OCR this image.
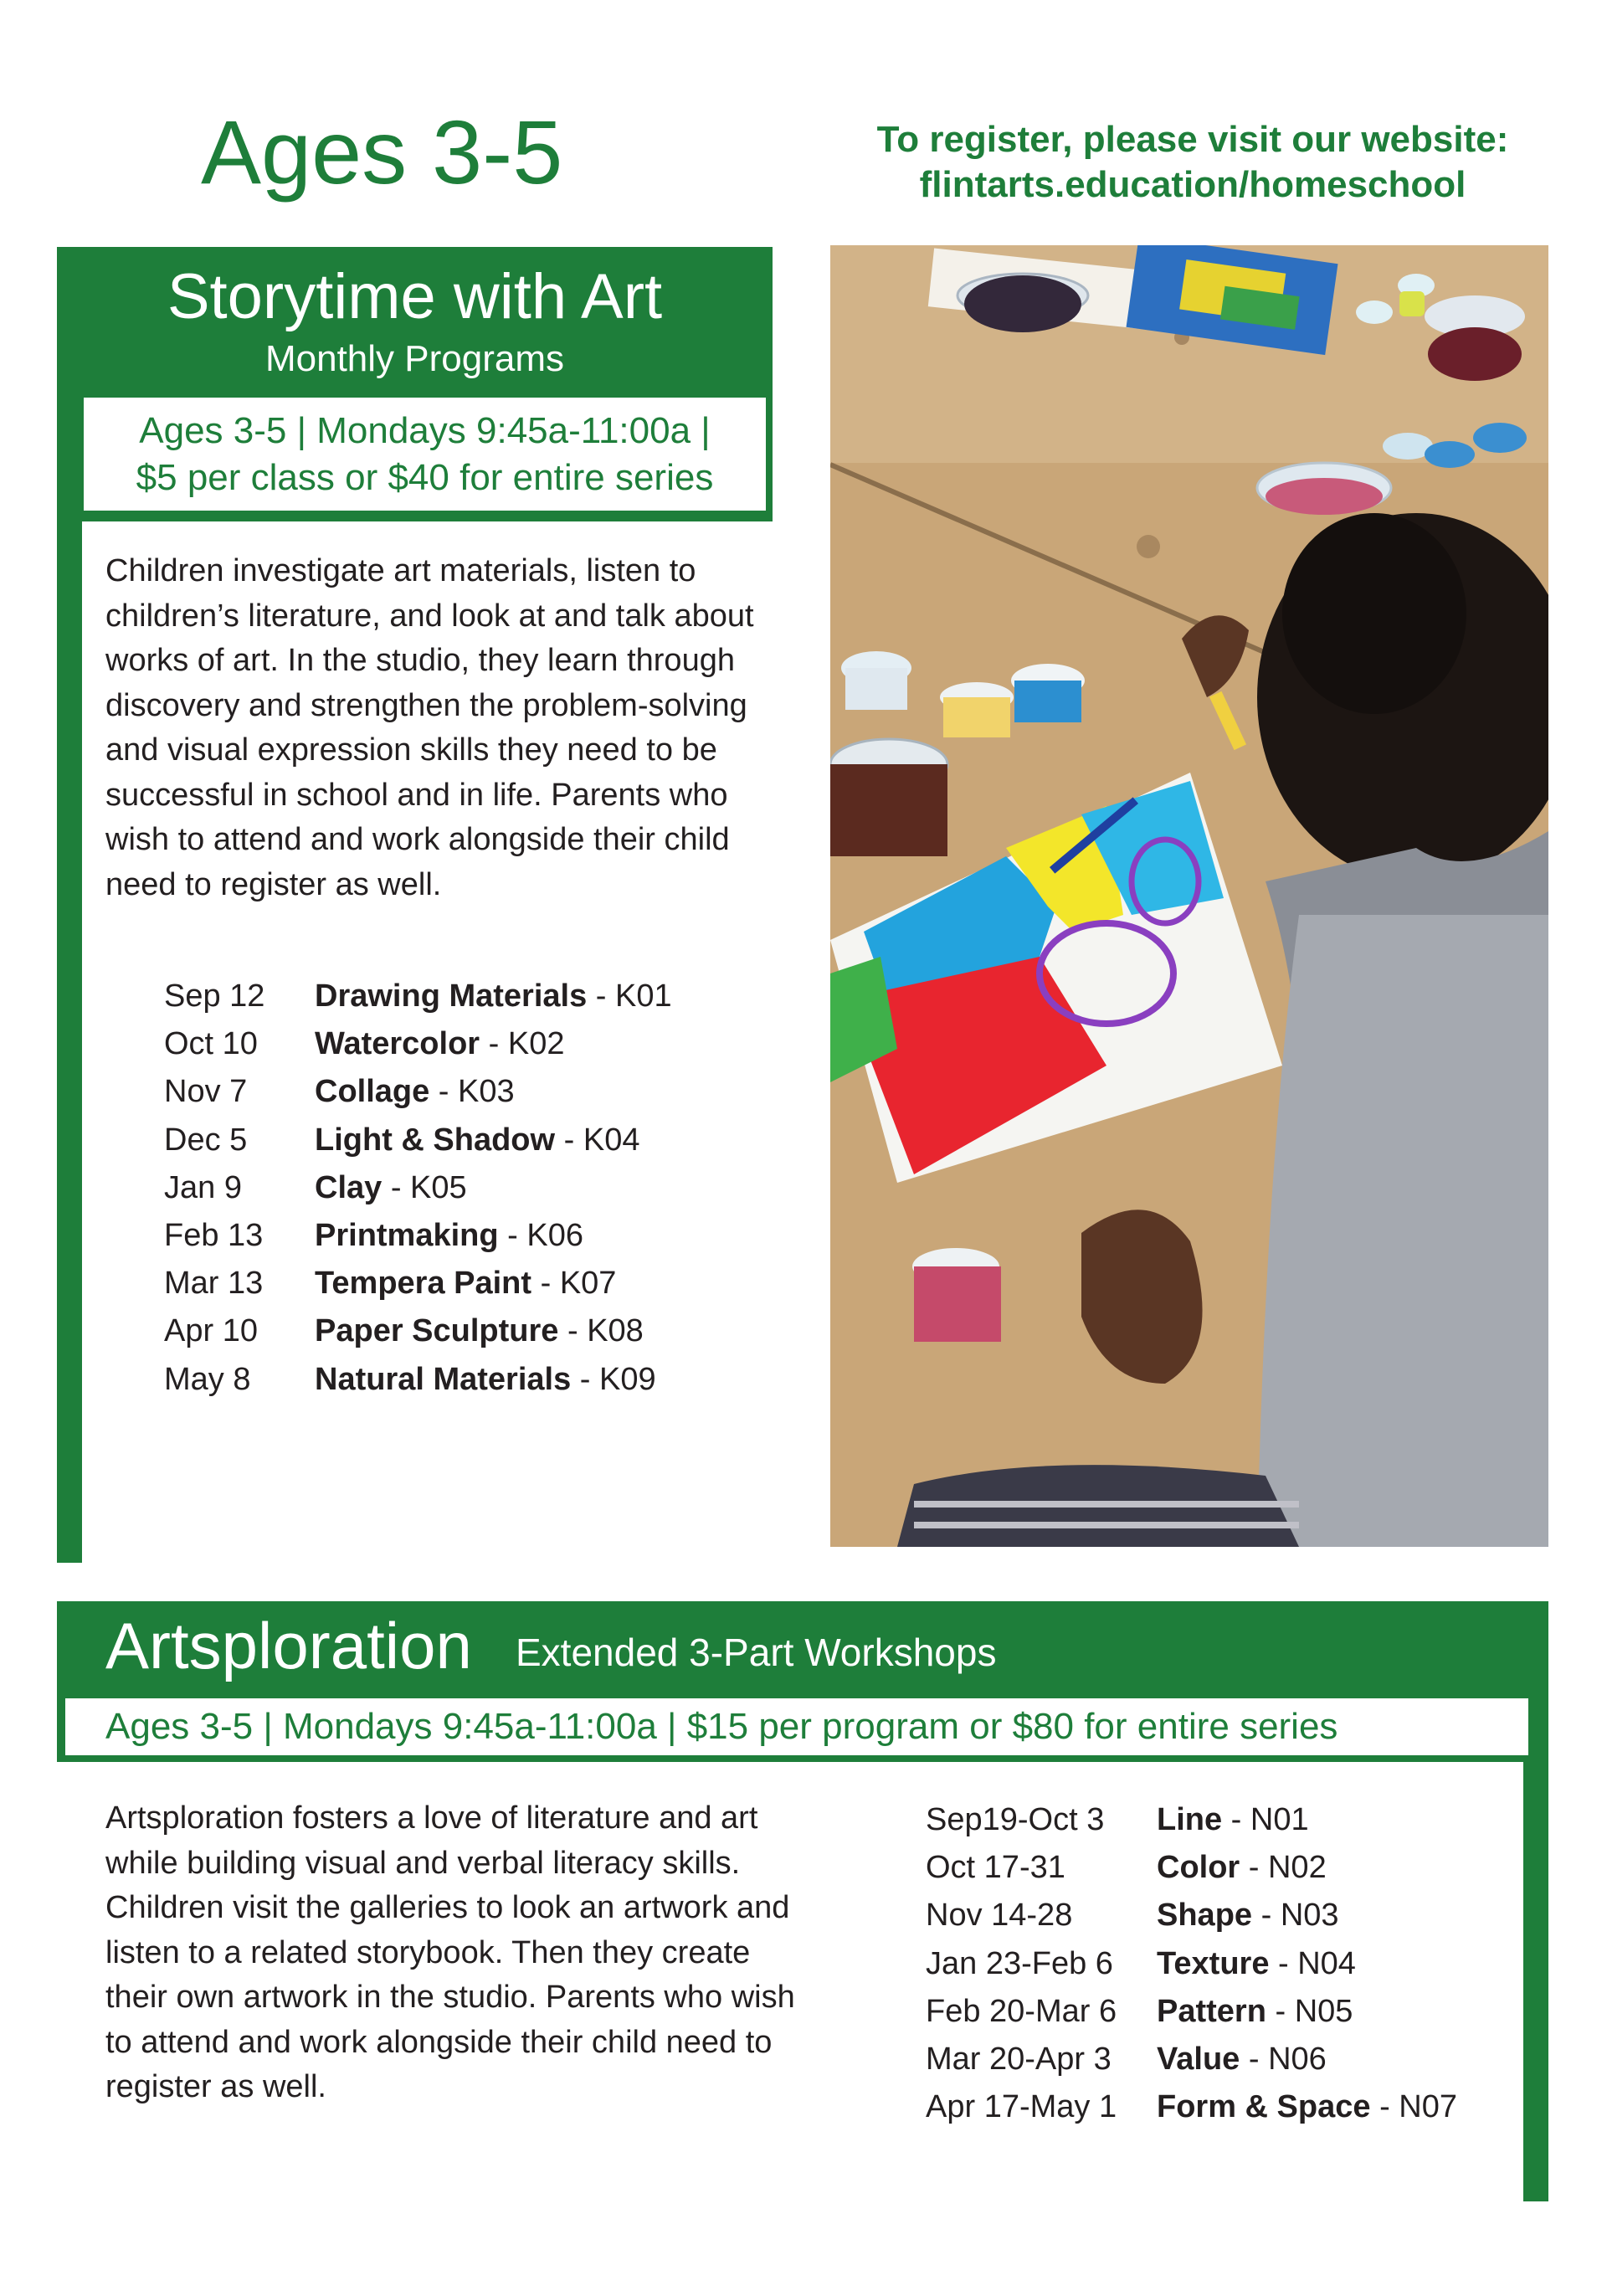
Ages 3-5	To register, please visit our website:
flintarts.education/homeschool
Storytime with Art
Monthly Programs
Ages 3-5 | Mondays 9:45a-11:00a |
$5 per class or $40 for entire series
Children investigate art materials, listen to children’s literature, and look at and talk about works of art. In the studio, they learn through discovery and strengthen the problem-solving and visual expression skills they need to be successful in school and in life. Parents who wish to attend and work alongside their child need to register as well.
Sep 12	Drawing Materials - K01
Oct 10	Watercolor - K02
Nov 7	Collage - K03
Dec 5	Light & Shadow - K04
Jan 9	Clay - K05
Feb 13	Printmaking - K06
Mar 13	Tempera Paint - K07
Apr 10	Paper Sculpture - K08
May 8	Natural Materials - K09
Artsploration Extended 3-Part Workshops
Ages 3-5 | Mondays 9:45a-11:00a | $15 per program or $80 for entire series
Artsploration fosters a love of literature and art while building visual and verbal literacy skills. Children visit the galleries to look an artwork and listen to a related storybook. Then they create their own artwork in the studio. Parents who wish to attend and work alongside their child need to register as well.
Sep19-Oct 3	Line - N01
Oct 17-31	Color - N02
Nov 14-28	Shape - N03
Jan 23-Feb 6	Texture - N04
Feb 20-Mar 6	Pattern - N05
Mar 20-Apr 3	Value - N06
Apr 17-May 1	Form & Space - N07
